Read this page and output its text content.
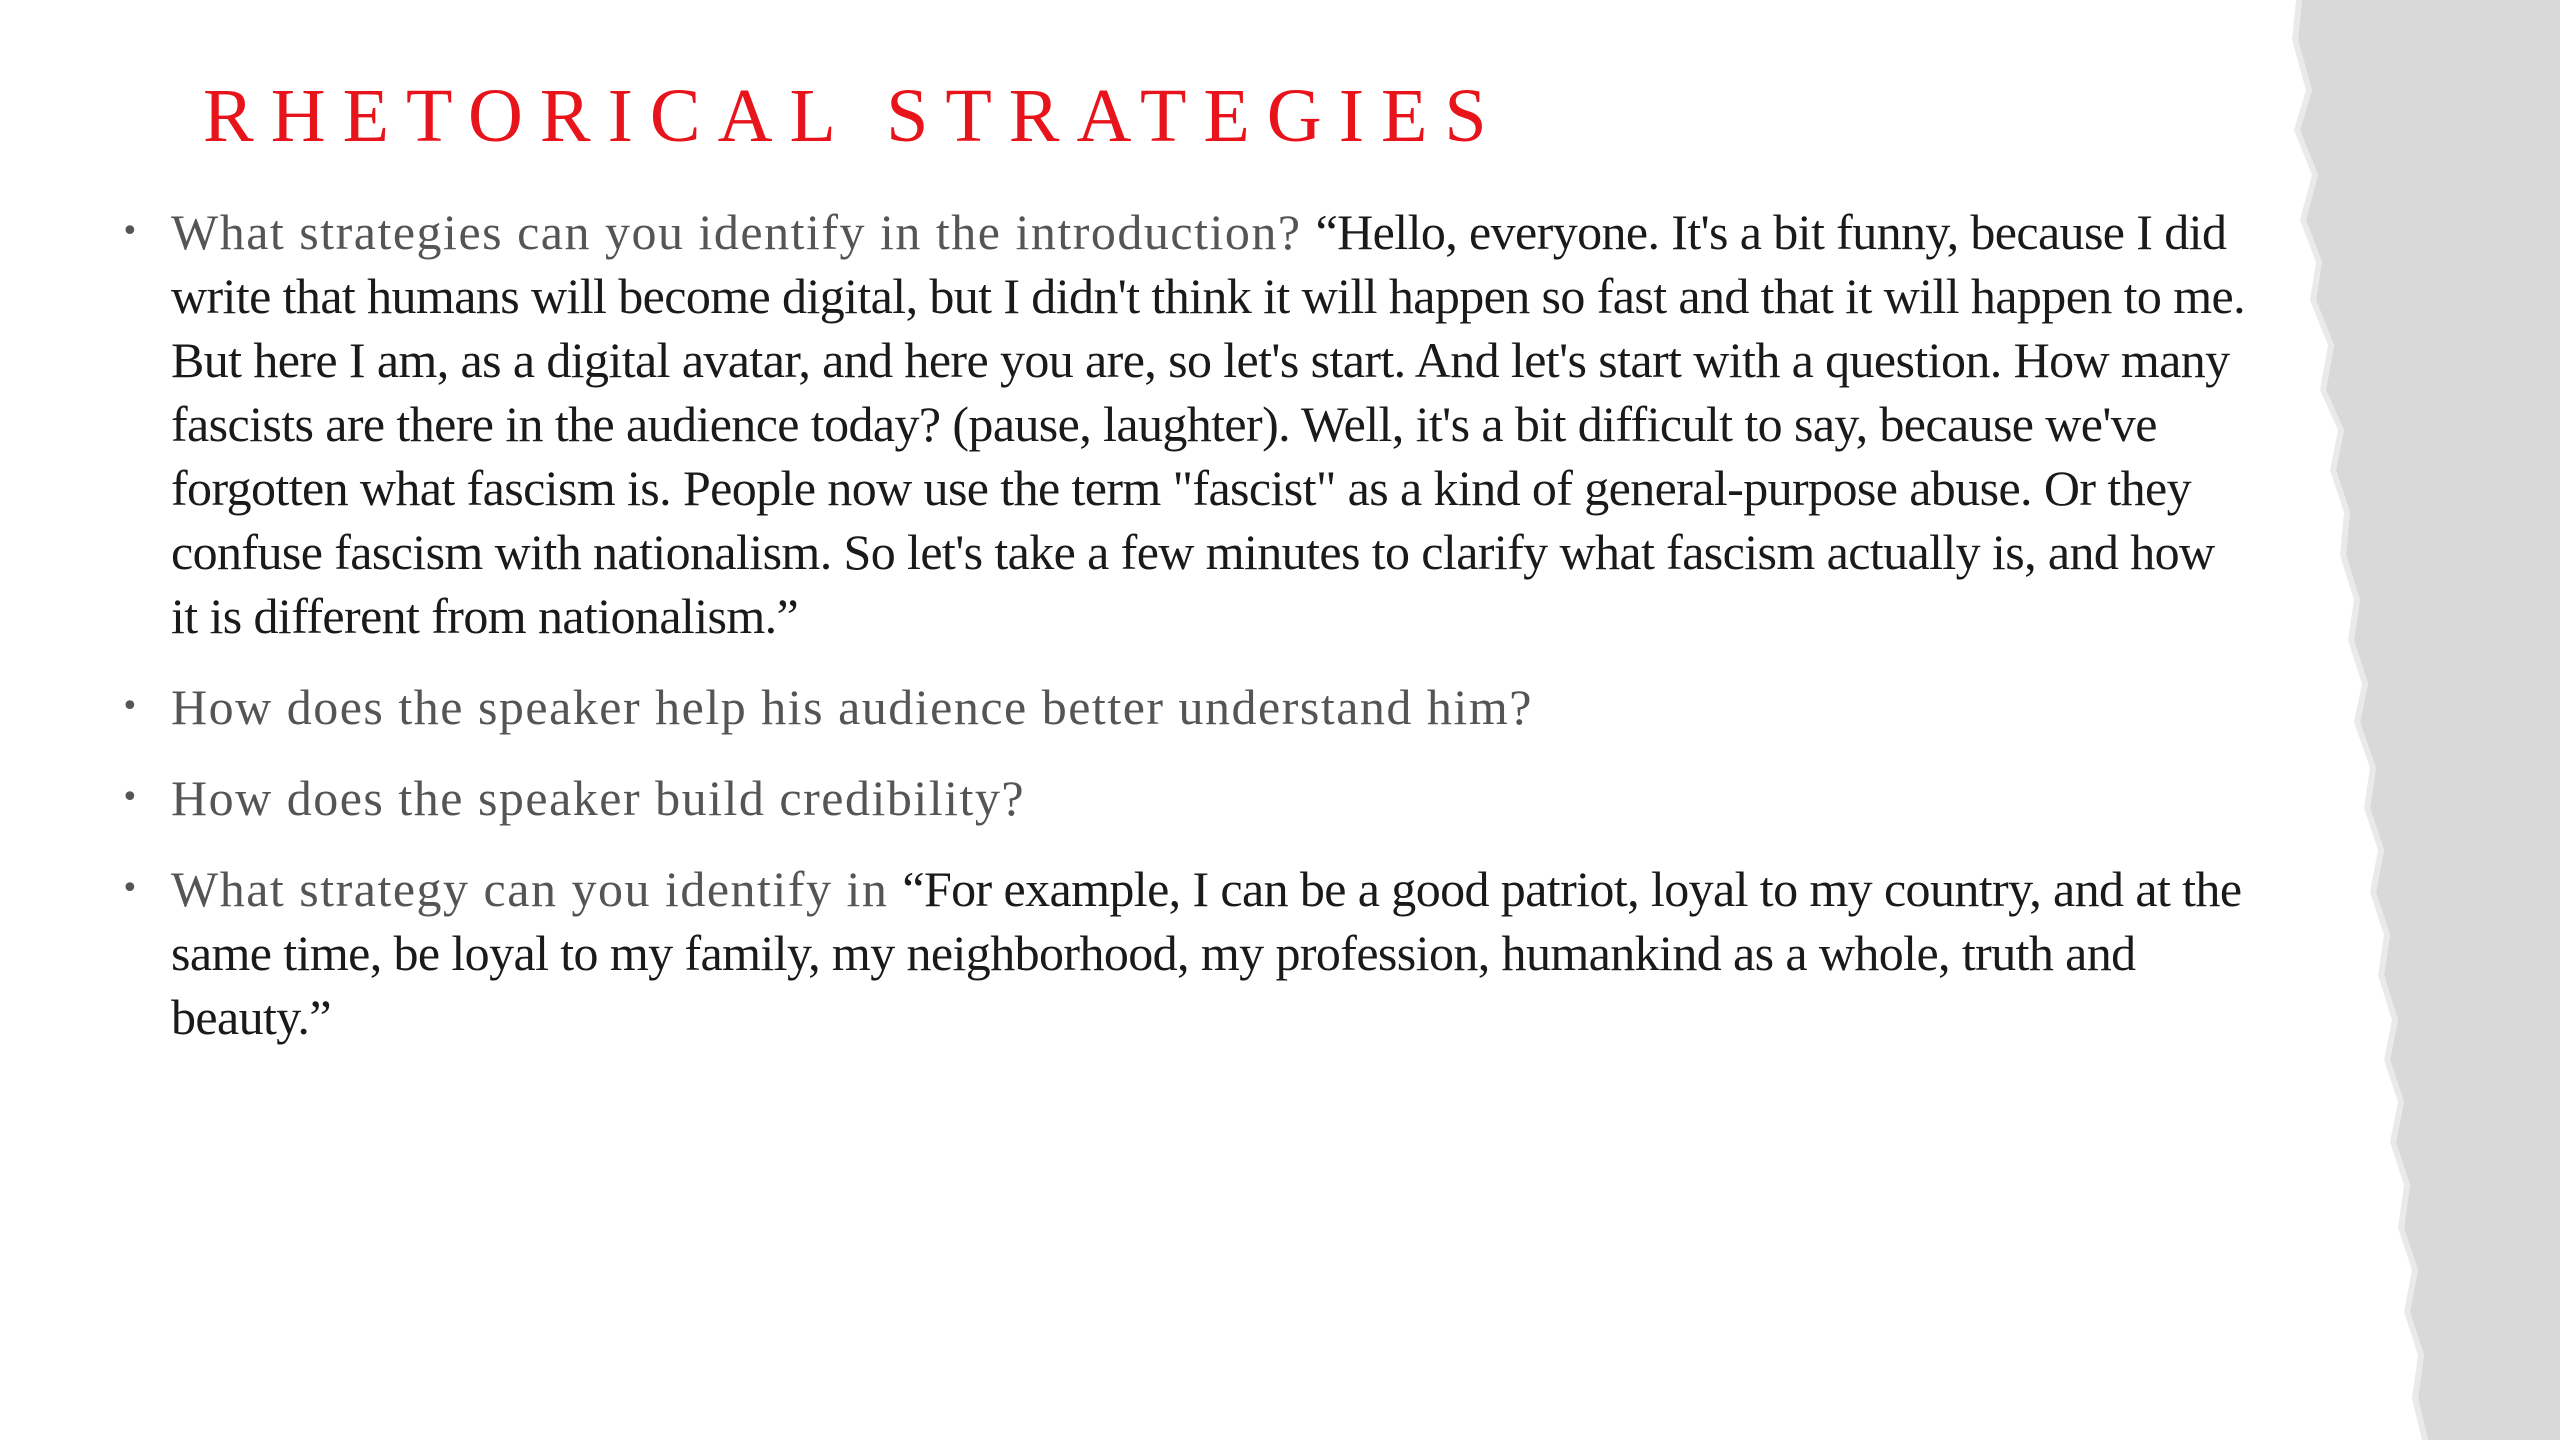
RHETORICAL STRATEGIES
• What strategies can you identify in the introduction? “Hello, everyone. It's a bit funny, because I did write that humans will become digital, but I didn't think it will happen so fast and that it will happen to me. But here I am, as a digital avatar, and here you are, so let's start. And let's start with a question. How many fascists are there in the audience today? (pause, laughter). Well, it's a bit difficult to say, because we've forgotten what fascism is. People now use the term "fascist" as a kind of general-purpose abuse. Or they confuse fascism with nationalism. So let's take a few minutes to clarify what fascism actually is, and how it is different from nationalism.”
• How does the speaker help his audience better understand him?
• How does the speaker build credibility?
• What strategy can you identify in “For example, I can be a good patriot, loyal to my country, and at the same time, be loyal to my family, my neighborhood, my profession, humankind as a whole, truth and beauty.”
